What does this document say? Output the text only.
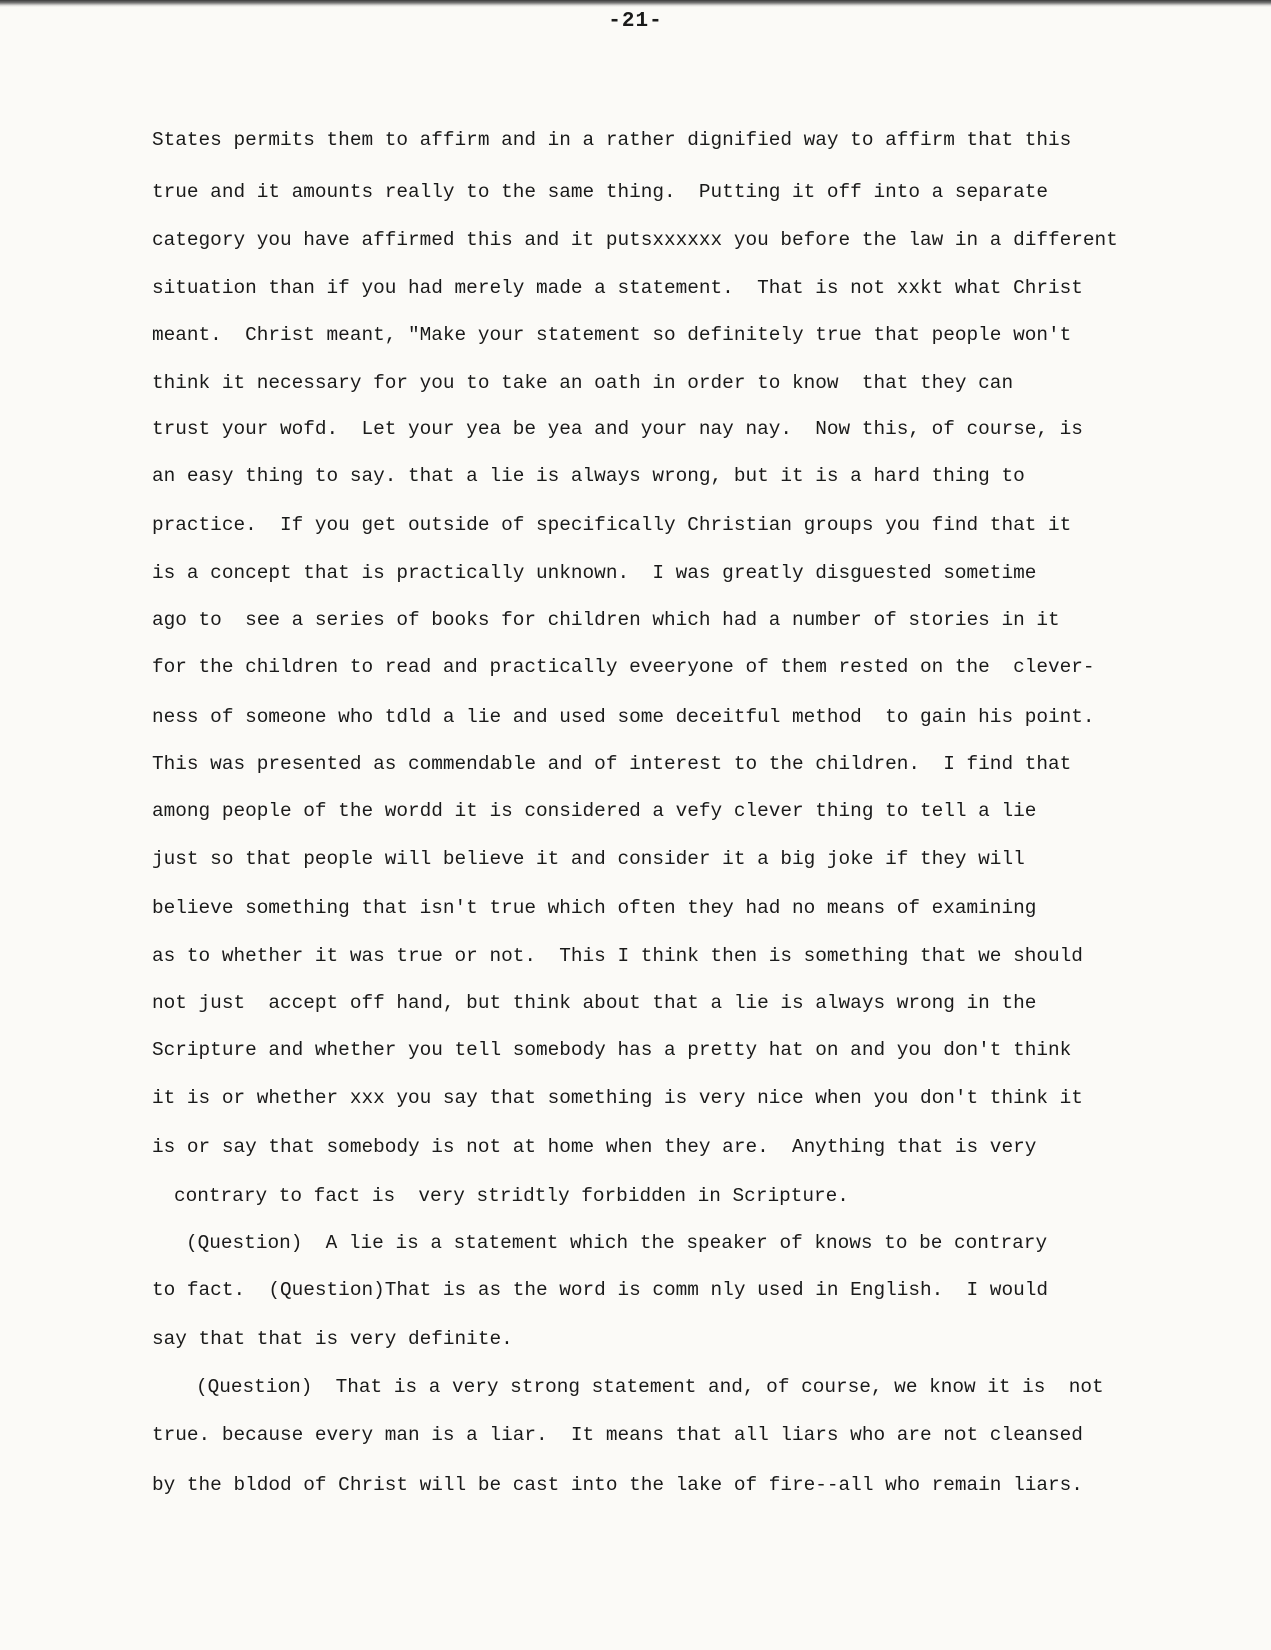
-21-
States permits them to affirm and in a rather dignified way to affirm that this
true and it amounts really to the same thing.  Putting it off into a separate
category you have affirmed this and it putsxxxxxx you before the law in a different
situation than if you had merely made a statement.  That is not xxkt what Christ
meant.  Christ meant, "Make your statement so definitely true that people won't
think it necessary for you to take an oath in order to know  that they can
trust your wofd.  Let your yea be yea and your nay nay.  Now this, of course, is
an easy thing to say. that a lie is always wrong, but it is a hard thing to
practice.  If you get outside of specifically Christian groups you find that it
is a concept that is practically unknown.  I was greatly disguested sometime
ago to  see a series of books for children which had a number of stories in it
for the children to read and practically eveeryone of them rested on the  clever-
ness of someone who tdld a lie and used some deceitful method  to gain his point.
This was presented as commendable and of interest to the children.  I find that
among people of the wordd it is considered a vefy clever thing to tell a lie
just so that people will believe it and consider it a big joke if they will
believe something that isn't true which often they had no means of examining
as to whether it was true or not.  This I think then is something that we should
not just  accept off hand, but think about that a lie is always wrong in the
Scripture and whether you tell somebody has a pretty hat on and you don't think
it is or whether xxx you say that something is very nice when you don't think it
is or say that somebody is not at home when they are.  Anything that is very
contrary to fact is  very stridtly forbidden in Scripture.
(Question)  A lie is a statement which the speaker of knows to be contrary
to fact.  (Question)That is as the word is comm nly used in English.  I would
say that that is very definite.
(Question)  That is a very strong statement and, of course, we know it is  not
true. because every man is a liar.  It means that all liars who are not cleansed
by the bldod of Christ will be cast into the lake of fire--all who remain liars.
